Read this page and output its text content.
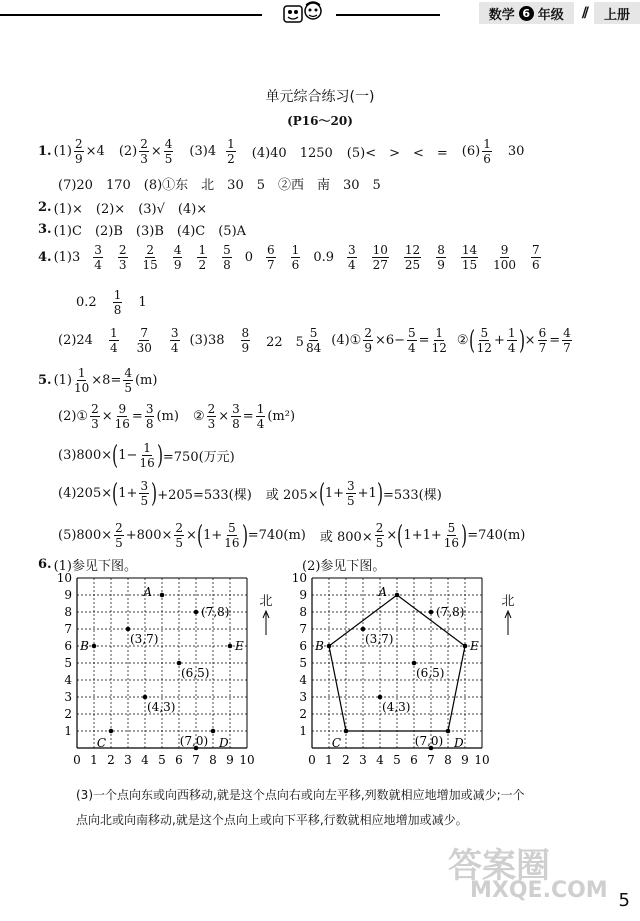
数学 6 年级 // 上册
单元综合练习(一)
(P16～20)
1. $(1) \frac{2}{9} \times 4$ $(2) \frac{2}{3} \times \frac{4}{5} (3)4 \frac{1}{2} (4)40$　1250 (5)<　>　<　= $(6) \frac{1}{6} 30$
(7)20　170　(8)①东　北　30　5　②西　南　30　5
2. (1)×　(2)×　(3)√　(4)×
3. (1)C　(2)B　(3)B　(4)C　(5)A
4. $(1)3 \frac{3}{4} \frac{2}{3} \frac{2}{15} \frac{4}{9} \frac{1}{2} \frac{5}{8} 0 \frac{6}{7} \frac{1}{6} 0.9 \frac{3}{4} \frac{10}{27} \frac{12}{25} \frac{8}{9} \frac{14}{15} \frac{9}{100} \frac{7}{6}$
$0.2 \frac{1}{8} 1$
$(2)24 \frac{1}{4} \frac{7}{30} \frac{3}{4} (3)38 \frac{8}{9} 22$　$5 \frac{5}{84}$ (4)① $\frac{2}{9} \times 6- \frac{5}{4} = \frac{1}{12}$ ② ( $\frac{5}{12} + \frac{1}{4}$ ) × $\frac{6}{7} = \frac{4}{7}$
5. $(1) \frac{1}{10} \times 8= \frac{4}{5} (m)$
(2)① $\frac{2}{3} \times \frac{9}{16} = \frac{3}{8} (m)$ ② $\frac{2}{3} \times \frac{3}{8} = \frac{1}{4} (m^2)$
(3)800× ( $1- \frac{1}{16}$ ) =750(万元)
(4)205× ( $1+ \frac{3}{5}$ ) +205=533(棵) 或 205× ( $1+ \frac{3}{5} +1$ ) =533(棵)
$(5)800\times \frac{2}{5} +800\times \frac{2}{5}$ × ( $1+ \frac{5}{16}$ ) =740(m) 或 $800\times \frac{2}{5}$ × ( $1+1+ \frac{5}{16}$ ) =740(m)
6. (1)参见下图。	(2)参见下图。
1
2
3
4
5
6
7
8
9
10
0 1 2 3 4 5 6 7 8 9 10
A
(7,8)
(3,7)
B	E
(6,5)
(4,3)
C	D
(7,0)
1
2
3
4
5
6
7
8
9
10
0 1 2 3 4 5 6 7 8 9 10
A
(7,8)
(3,7)
B	E
(6,5)
(4,3)
C	D
(7,0)
北	北
(3)一个点向东或向西移动,就是这个点向右或向左平移,列数就相应地增加或减少;一个
点向北或向南移动,就是这个点向上或向下平移,行数就相应地增加或减少。
答案圈
MXQE.COM 5
